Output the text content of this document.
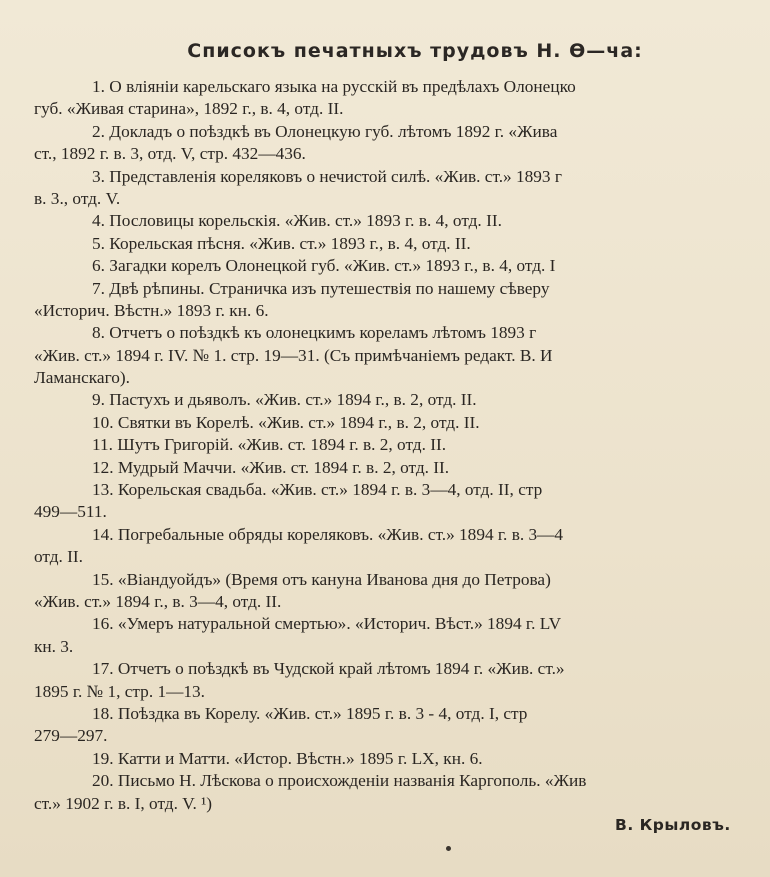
Списокъ печатныхъ трудовъ Н. Ѳ—ча:
1. О вліяніи карельскаго языка на русскій въ предѣлахъ Олонецко
губ. «Живая старина», 1892 г., в. 4, отд. II.
2. Докладъ о поѣздкѣ въ Олонецкую губ. лѣтомъ 1892 г. «Жива
ст., 1892 г. в. 3, отд. V, стр. 432—436.
3. Представленія кореляковъ о нечистой силѣ. «Жив. ст.» 1893 г
в. 3., отд. V.
4. Пословицы корельскія. «Жив. ст.» 1893 г. в. 4, отд. II.
5. Корельская пѣсня. «Жив. ст.» 1893 г., в. 4, отд. II.
6. Загадки корелъ Олонецкой губ. «Жив. ст.» 1893 г., в. 4, отд. I
7. Двѣ рѣпины. Страничка изъ путешествія по нашему сѣверу
«Историч. Вѣстн.» 1893 г. кн. 6.
8. Отчетъ о поѣздкѣ къ олонецкимъ кореламъ лѣтомъ 1893 г
«Жив. ст.» 1894 г. IV. № 1. стр. 19—31. (Съ примѣчаніемъ редакт. В. И
Ламанскаго).
9. Пастухъ и дьяволъ. «Жив. ст.» 1894 г., в. 2, отд. II.
10. Святки въ Корелѣ. «Жив. ст.» 1894 г., в. 2, отд. II.
11. Шутъ Григорій. «Жив. ст. 1894 г. в. 2, отд. II.
12. Мудрый Маччи. «Жив. ст. 1894 г. в. 2, отд. II.
13. Корельская свадьба. «Жив. ст.» 1894 г. в. 3—4, отд. II, стр
499—511.
14. Погребальные обряды кореляковъ. «Жив. ст.» 1894 г. в. 3—4
отд. II.
15. «Віандуойдъ» (Время отъ кануна Иванова дня до Петрова)
«Жив. ст.» 1894 г., в. 3—4, отд. II.
16. «Умеръ натуральной смертью». «Историч. Вѣст.» 1894 г. LV
кн. 3.
17. Отчетъ о поѣздкѣ въ Чудской край лѣтомъ 1894 г. «Жив. ст.»
1895 г. № 1, стр. 1—13.
18. Поѣздка въ Корелу. «Жив. ст.» 1895 г. в. 3 - 4, отд. I, стр
279—297.
19. Катти и Матти. «Истор. Вѣстн.» 1895 г. LX, кн. 6.
20. Письмо Н. Лѣскова о происхожденіи названія Каргополь. «Жив
ст.» 1902 г. в. I, отд. V. ¹)
В. Крыловъ.
